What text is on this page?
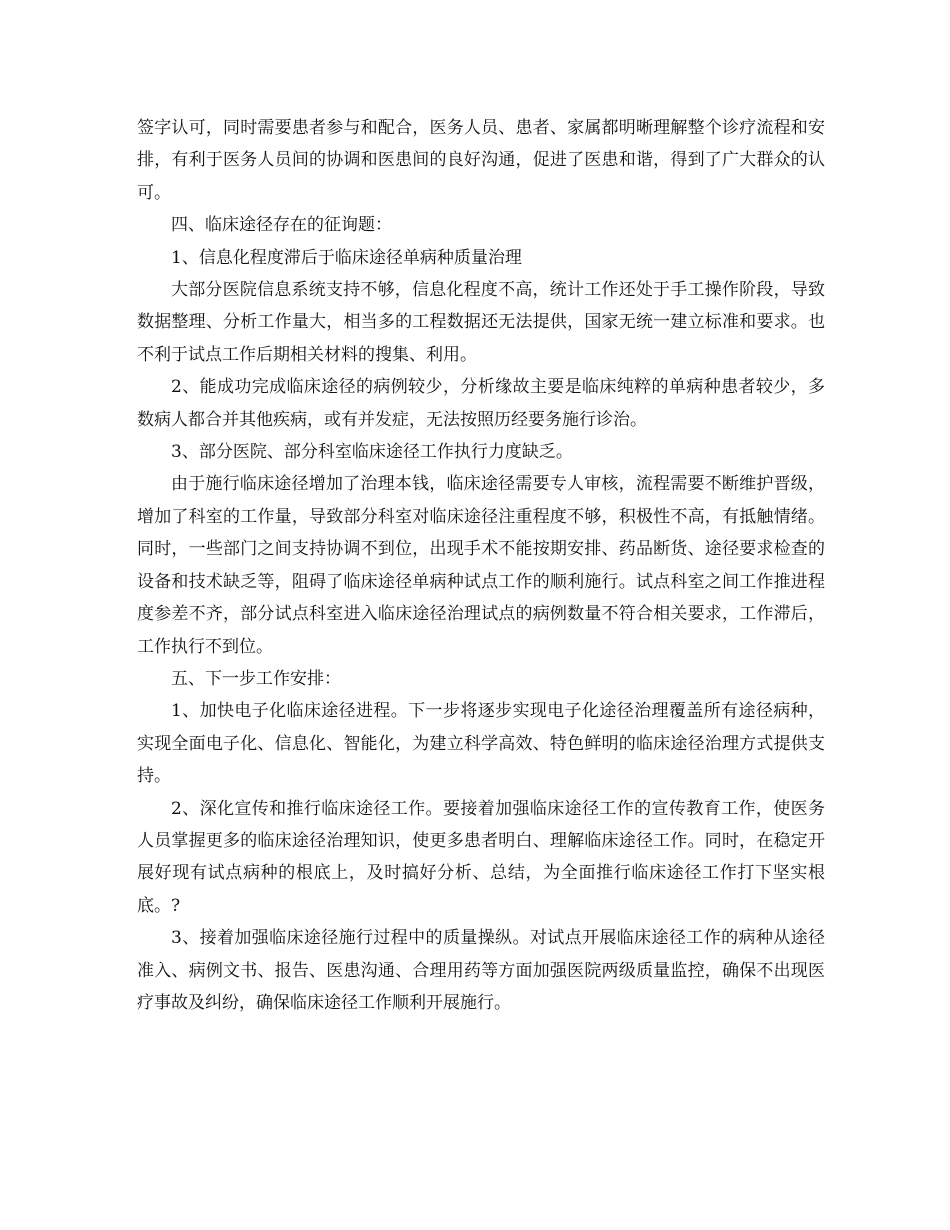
签字认可，同时需要患者参与和配合，医务人员、患者、家属都明晰理解整个诊疗流程和安排，有利于医务人员间的协调和医患间的良好沟通，促进了医患和谐，得到了广大群众的认可。

四、临床途径存在的征询题：

1、信息化程度滞后于临床途径单病种质量治理

大部分医院信息系统支持不够，信息化程度不高，统计工作还处于手工操作阶段，导致数据整理、分析工作量大，相当多的工程数据还无法提供，国家无统一建立标准和要求。也不利于试点工作后期相关材料的搜集、利用。

2、能成功完成临床途径的病例较少，分析缘故主要是临床纯粹的单病种患者较少，多数病人都合并其他疾病，或有并发症，无法按照历经要务施行诊治。

3、部分医院、部分科室临床途径工作执行力度缺乏。

由于施行临床途径增加了治理本钱，临床途径需要专人审核，流程需要不断维护晋级，增加了科室的工作量，导致部分科室对临床途径注重程度不够，积极性不高，有抵触情绪。同时，一些部门之间支持协调不到位，出现手术不能按期安排、药品断货、途径要求检查的设备和技术缺乏等，阻碍了临床途径单病种试点工作的顺利施行。试点科室之间工作推进程度参差不齐，部分试点科室进入临床途径治理试点的病例数量不符合相关要求，工作滞后，工作执行不到位。

五、下一步工作安排：

1、加快电子化临床途径进程。下一步将逐步实现电子化途径治理覆盖所有途径病种，实现全面电子化、信息化、智能化，为建立科学高效、特色鲜明的临床途径治理方式提供支持。

2、深化宣传和推行临床途径工作。要接着加强临床途径工作的宣传教育工作，使医务人员掌握更多的临床途径治理知识，使更多患者明白、理解临床途径工作。同时，在稳定开展好现有试点病种的根底上，及时搞好分析、总结，为全面推行临床途径工作打下坚实根底。?

3、接着加强临床途径施行过程中的质量操纵。对试点开展临床途径工作的病种从途径准入、病例文书、报告、医患沟通、合理用药等方面加强医院两级质量监控，确保不出现医疗事故及纠纷，确保临床途径工作顺利开展施行。
